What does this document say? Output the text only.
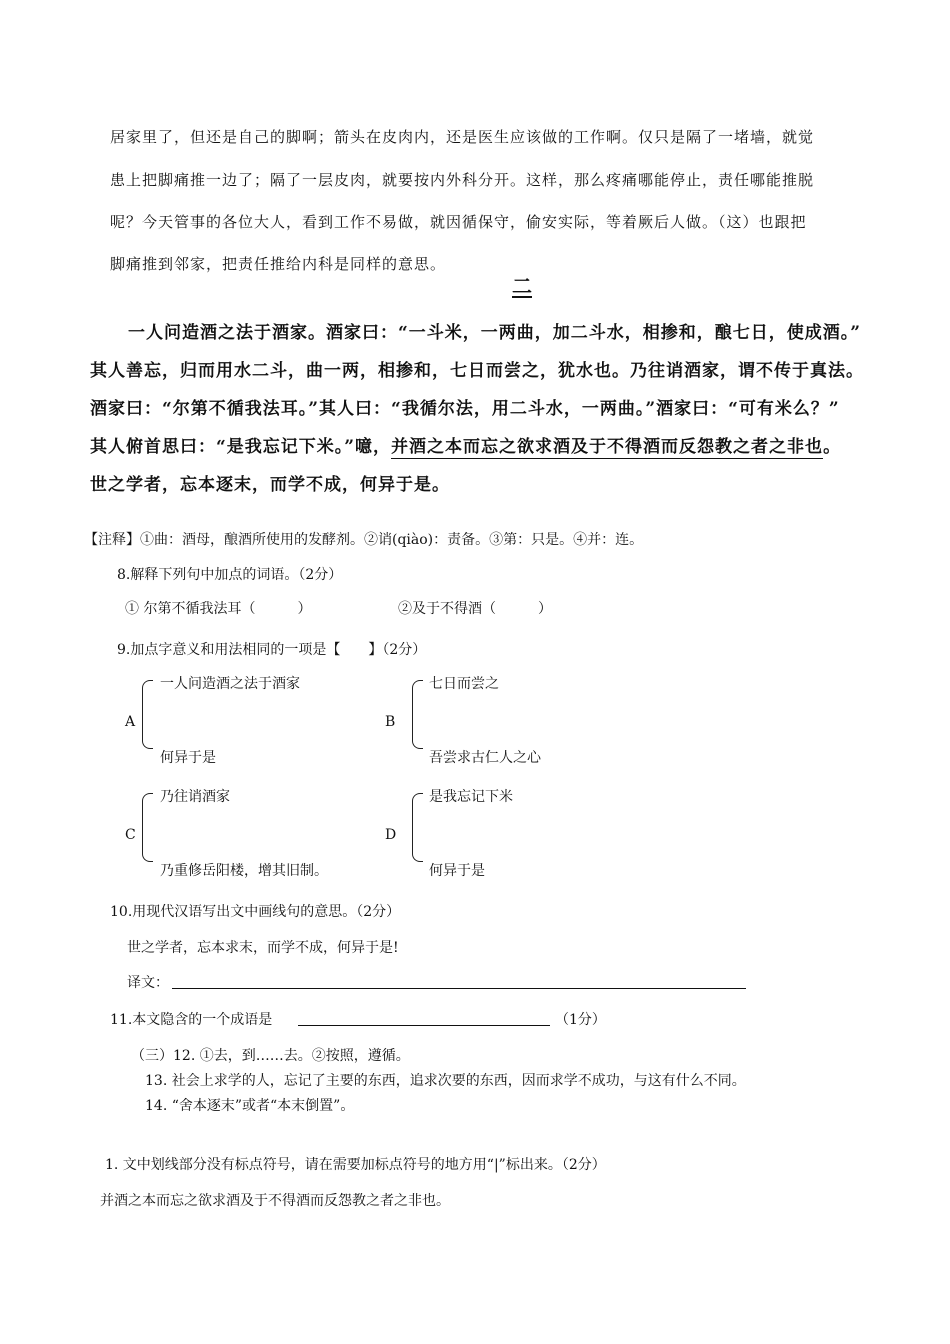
居家里了，但还是自己的脚啊；箭头在皮肉内，还是医生应该做的工作啊。仅只是隔了一堵墙，就觉
患上把脚痛推一边了；隔了一层皮肉，就要按内外科分开。这样，那么疼痛哪能停止，责任哪能推脱
呢？今天管事的各位大人，看到工作不易做，就因循保守，偷安实际，等着厥后人做。（这）也跟把
脚痛推到邻家，把责任推给内科是同样的意思。
二
一人问造酒之法于酒家。酒家曰：“一斗米，一两曲，加二斗水，相掺和，酿七日，使成酒。”
其人善忘，归而用水二斗，曲一两，相掺和，七日而尝之，犹水也。乃往诮酒家，谓不传于真法。
酒家曰：“尔第不循我法耳。”其人曰：“我循尔法，用二斗水，一两曲。”酒家曰：“可有米么？”
其人俯首思曰：“是我忘记下米。”噫，并酒之本而忘之欲求酒及于不得酒而反怨教之者之非也。
世之学者，忘本逐末，而学不成，何异于是。
【注释】①曲：酒母，酿酒所使用的发酵剂。②诮(qiào)：责备。③第：只是。④并：连。
8.解释下列句中加点的词语。（2分）
① 尔第不循我法耳（　　　）	②及于不得酒（　　　）
9.加点字意义和用法相同的一项是【　　】（2分）
A
一人问造酒之法于酒家
何异于是
B
七日而尝之
吾尝求古仁人之心
C
乃往诮酒家
乃重修岳阳楼，增其旧制。
D
是我忘记下米
何异于是
10.用现代汉语写出文中画线句的意思。（2分）
世之学者，忘本求末，而学不成，何异于是!
译文：
11.本文隐含的一个成语是	（1分）
（三）12. ①去，到……去。②按照，遵循。
13. 社会上求学的人，忘记了主要的东西，追求次要的东西，因而求学不成功，与这有什么不同。
14. “舍本逐末”或者“本末倒置”。
1. 文中划线部分没有标点符号，请在需要加标点符号的地方用“|”标出来。（2分）
并酒之本而忘之欲求酒及于不得酒而反怨教之者之非也。
